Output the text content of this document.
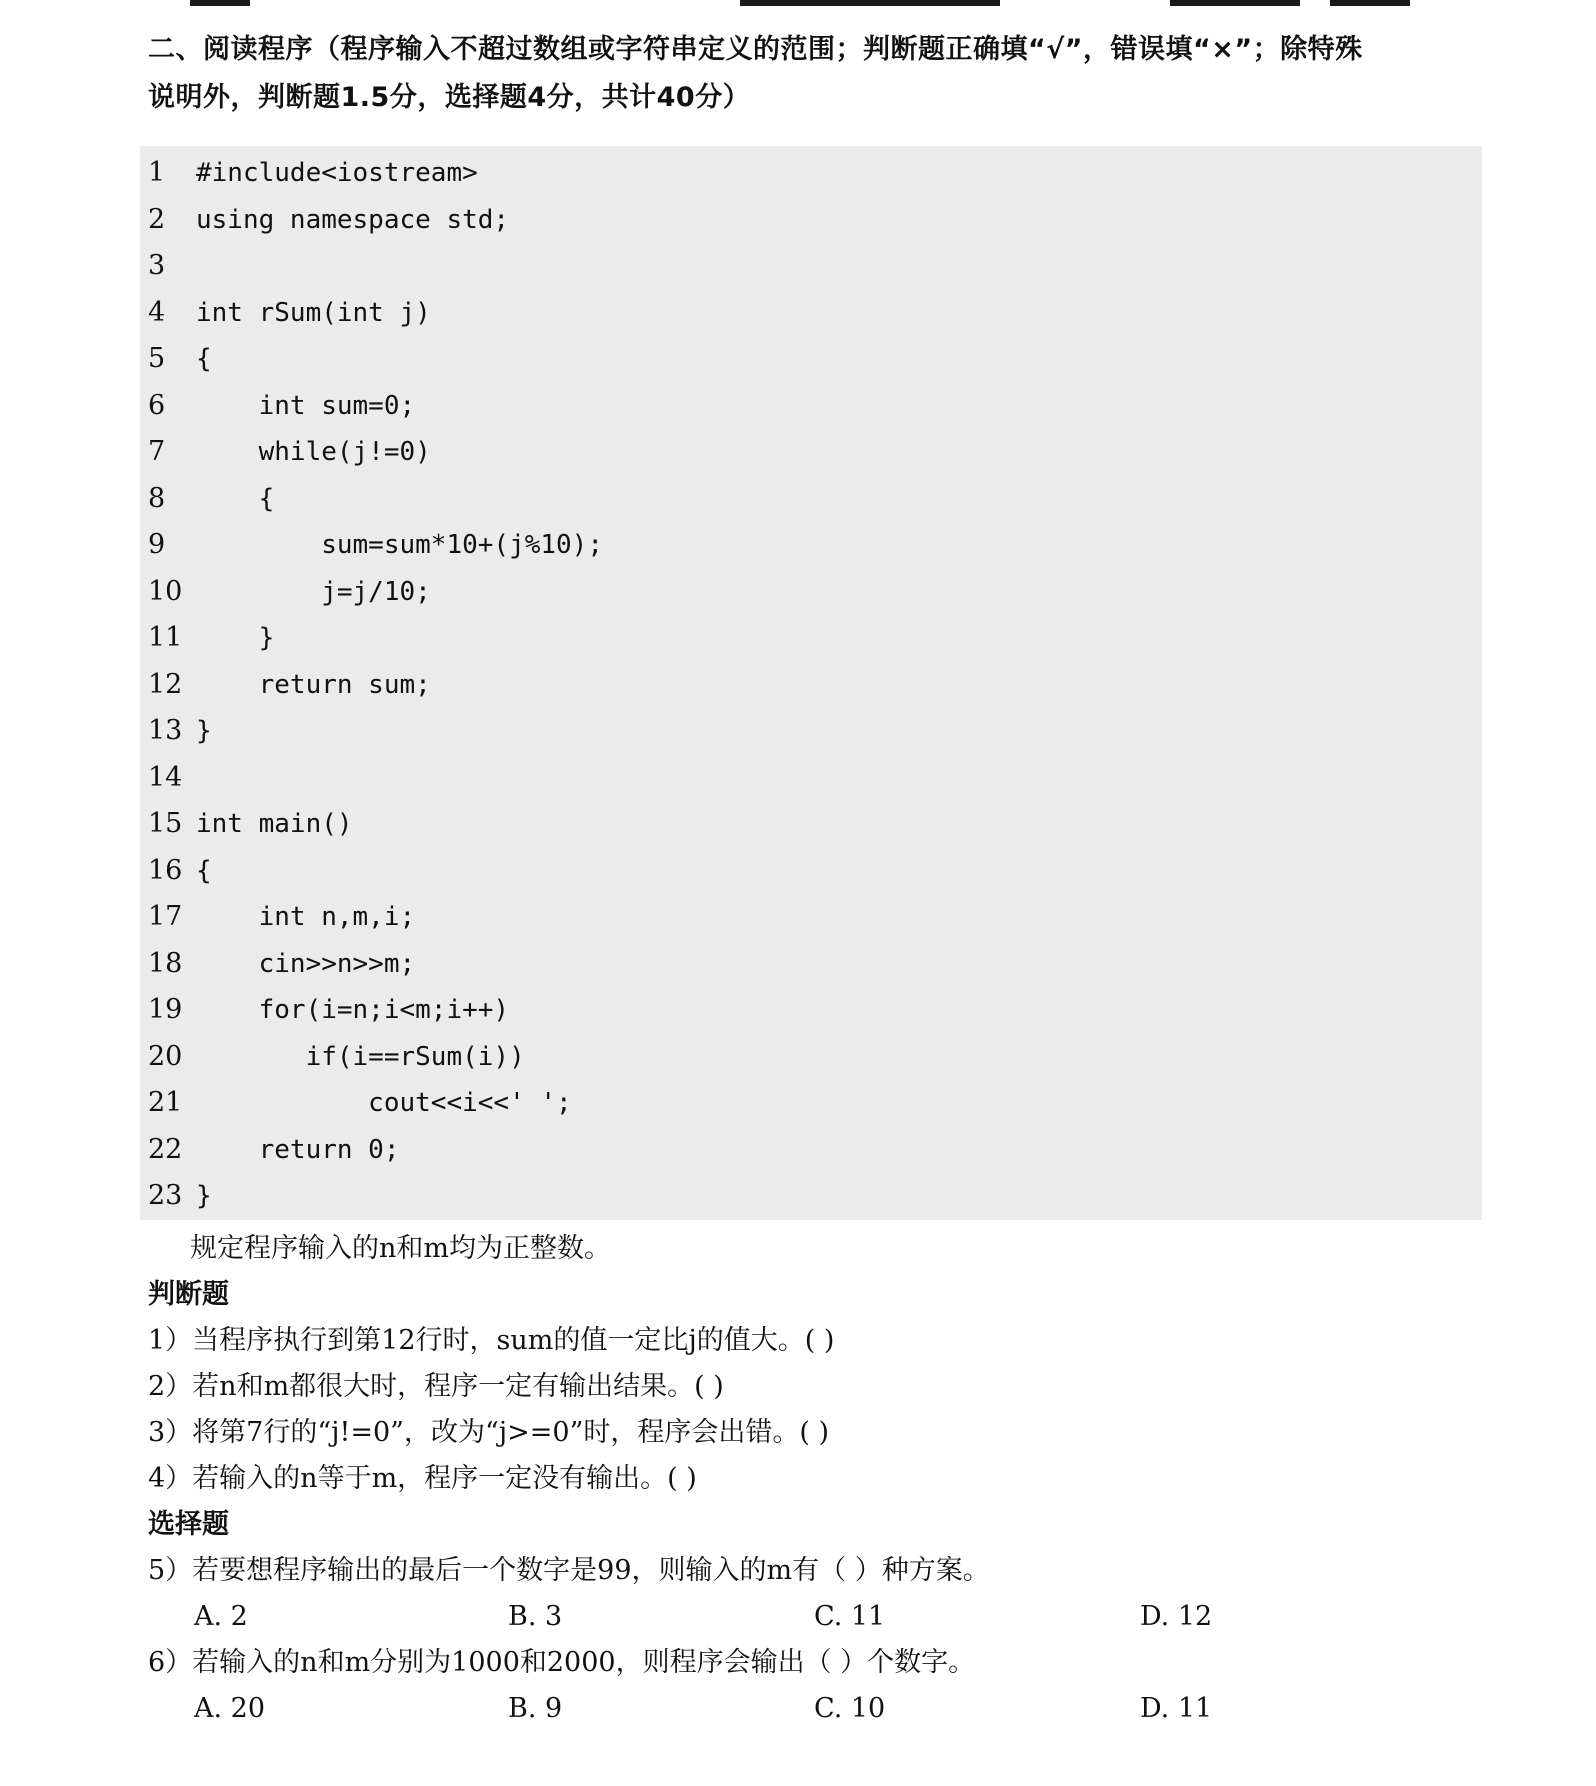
二、阅读程序（程序输入不超过数组或字符串定义的范围；判断题正确填“√”，错误填“×”；除特殊
说明外，判断题1.5分，选择题4分，共计40分）
1	#include<iostream>
2	using namespace std;
3
4	int rSum(int j)
5	{
6	int sum=0;
7	while(j!=0)
8	{
9	sum=sum*10+(j%10);
10 j=j/10;
11 }
12 return sum;
13 }
14
15 int main()
16 {
17 int n,m,i;
18 cin>>n>>m;
19 for(i=n;i<m;i++)
20 if(i==rSum(i))
21 cout<<i<<' ';
22 return 0;
23 }
规定程序输入的n和m均为正整数。
判断题
1）当程序执行到第12行时，sum的值一定比j的值大。( )
2）若n和m都很大时，程序一定有输出结果。( )
3）将第7行的“j!=0”，改为“j>=0”时，程序会出错。( )
4）若输入的n等于m，程序一定没有输出。( )
选择题
5）若要想程序输出的最后一个数字是99，则输入的m有（ ）种方案。
A. 2	B. 3	C. 11	D. 12
6）若输入的n和m分别为1000和2000，则程序会输出（ ）个数字。
A. 20	B. 9	C. 10	D. 11
